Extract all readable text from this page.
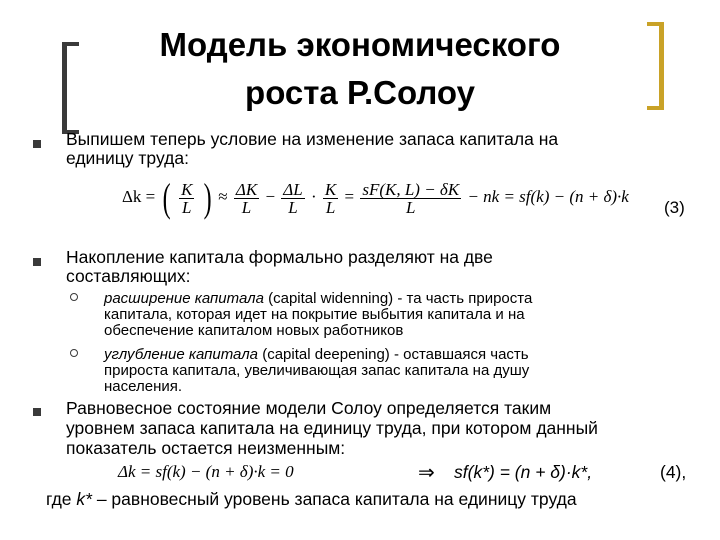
Модель экономического
роста Р.Солоу
Выпишем теперь условие на изменение запаса капитала на
единицу труда:
Δk = ( $\frac{K}{L}$ ) ≈ $\frac{\Delta K}{L} - \frac{\Delta L}{L} \cdot \frac{K}{L} = \frac{sF(K, L) - \delta K}{L}$ − nk = sf(k) − (n + δ)·k
(3)
Накопление капитала формально разделяют на две
составляющих:
расширение капитала (capital widenning) - та часть прироста
капитала, которая идет на покрытие выбытия капитала и на
обеспечение капиталом новых работников
углубление капитала (capital deepening) - оставшаяся часть
прироста капитала, увеличивающая запас капитала на душу
населения.
Равновесное состояние модели Солоу определяется таким
уровнем запаса капитала на единицу труда, при котором данный
показатель остается неизменным:
Δk = sf(k) − (n + δ)·k = 0	⇒ sf(k*) = (n + δ)·k*,	(4),
где k* – равновесный уровень запаса капитала на единицу труда
